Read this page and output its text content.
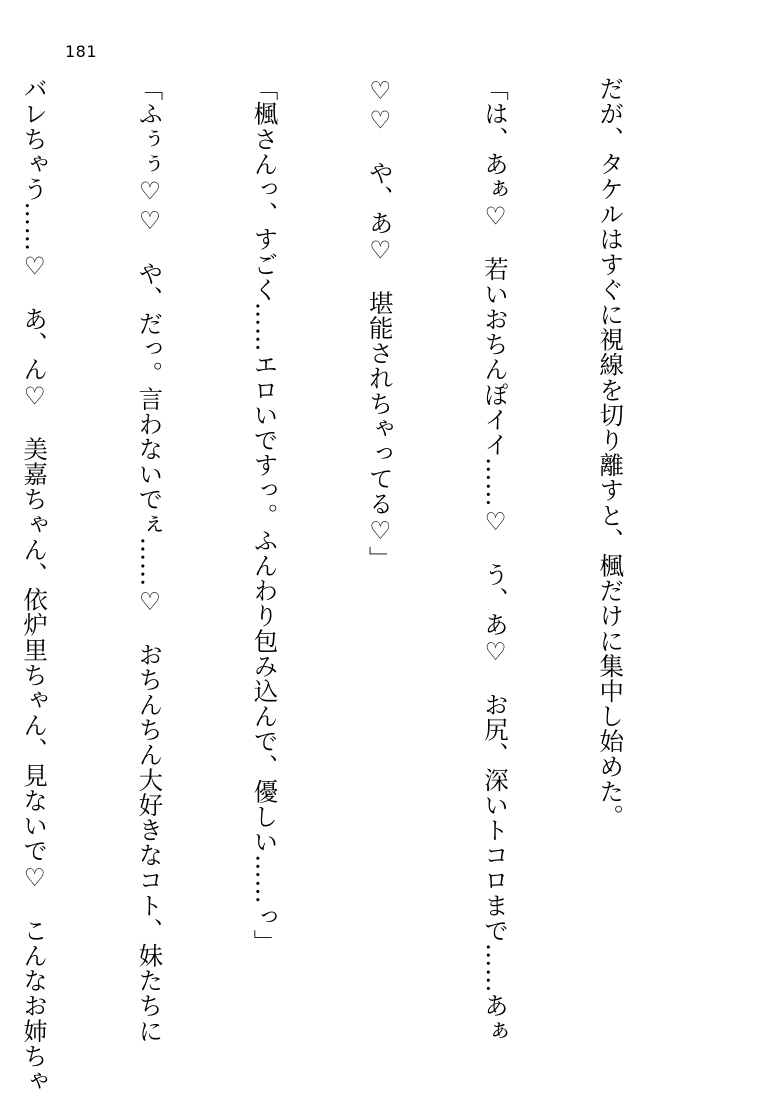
181

だが、タケルはすぐに視線を切り離すと、楓だけに集中し始めた。

「は、あぁ♡　若いおちんぽイイ……♡　う、あ♡　お尻、深いトコロまで……あぁ

♡♡　や、あ♡　堪能されちゃってる♡」

「楓さんっ、すごく……エロいですっ。ふんわり包み込んで、優しい……っ」

「ふぅぅ♡♡　や、だっ。言わないでぇ……♡　おちんちん大好きなコト、妹たちに

バレちゃう……♡　あ、ん♡　美嘉ちゃん、依炉里ちゃん、見ないで♡　こんなお姉ちゃ
